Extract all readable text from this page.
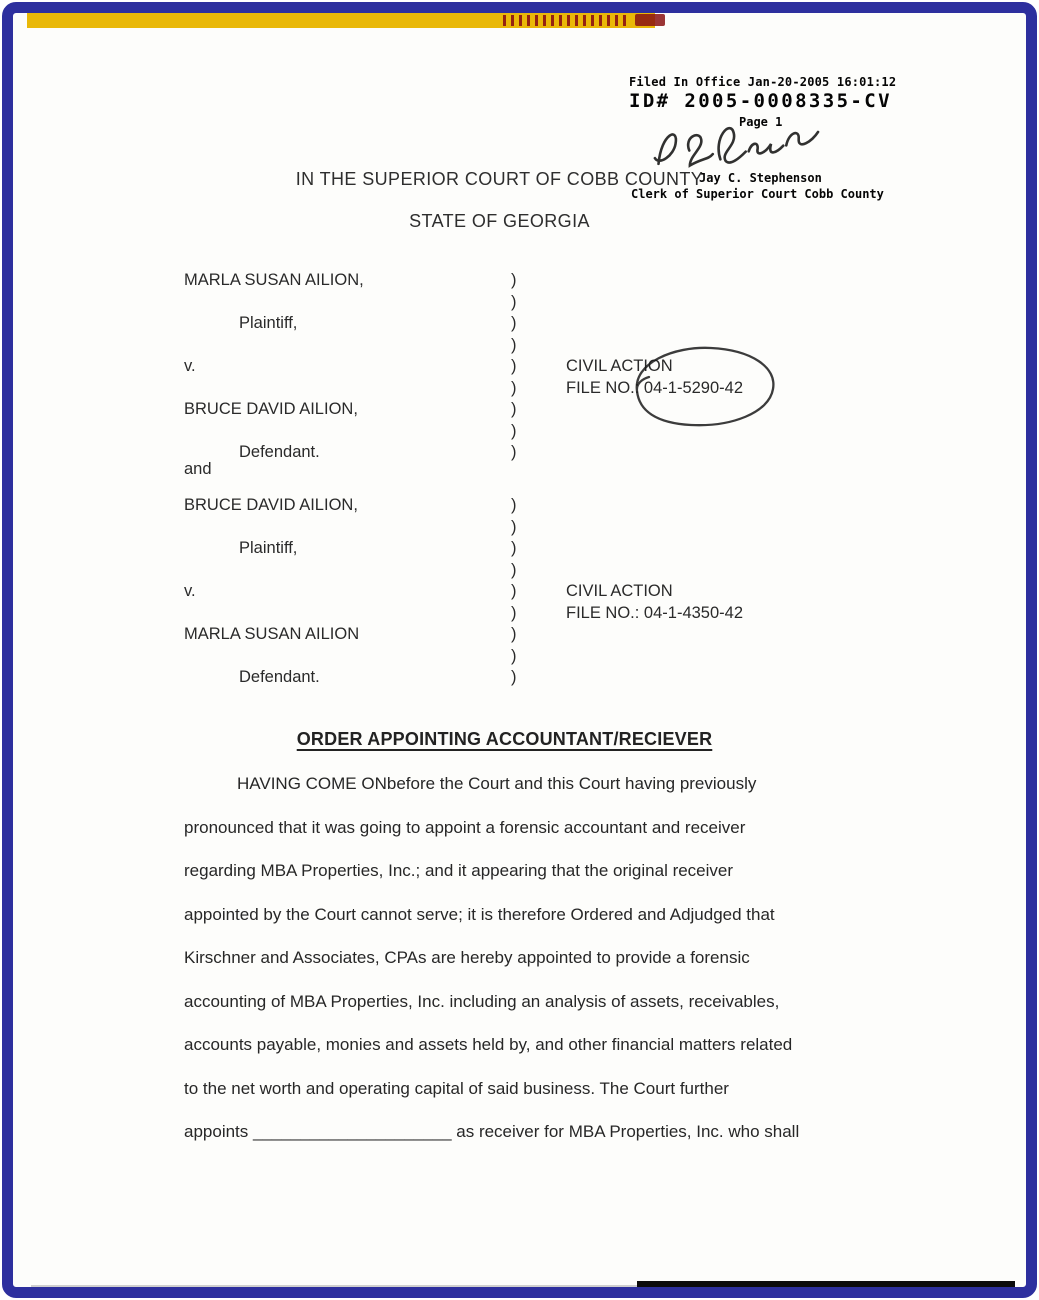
Filed In Office Jan-20-2005 16:01:12
ID# 2005-0008335-CV
Page 1
Jay C. Stephenson
Clerk of Superior Court Cobb County
IN THE SUPERIOR COURT OF COBB COUNTY
STATE OF GEORGIA
MARLA SUSAN AILION,	)
)
Plaintiff,	)
)
v.	)	CIVIL ACTION
)	FILE NO.: 04-1-5290-42
BRUCE DAVID AILION,	)
)
Defendant.	)
and
BRUCE DAVID AILION,	)
)
Plaintiff,	)
)
v.	)	CIVIL ACTION
)	FILE NO.: 04-1-4350-42
MARLA SUSAN AILION	)
)
Defendant.	)
ORDER APPOINTING ACCOUNTANT/RECIEVER
HAVING COME ONbefore the Court and this Court having previously
pronounced that it was going to appoint a forensic accountant and receiver
regarding MBA Properties, Inc.; and it appearing that the original receiver
appointed by the Court cannot serve; it is therefore Ordered and Adjudged that
Kirschner and Associates, CPAs are hereby appointed to provide a forensic
accounting of MBA Properties, Inc. including an analysis of assets, receivables,
accounts payable, monies and assets held by, and other financial matters related
to the net worth and operating capital of said business. The Court further
appoints _____________________ as receiver for MBA Properties, Inc. who shall
